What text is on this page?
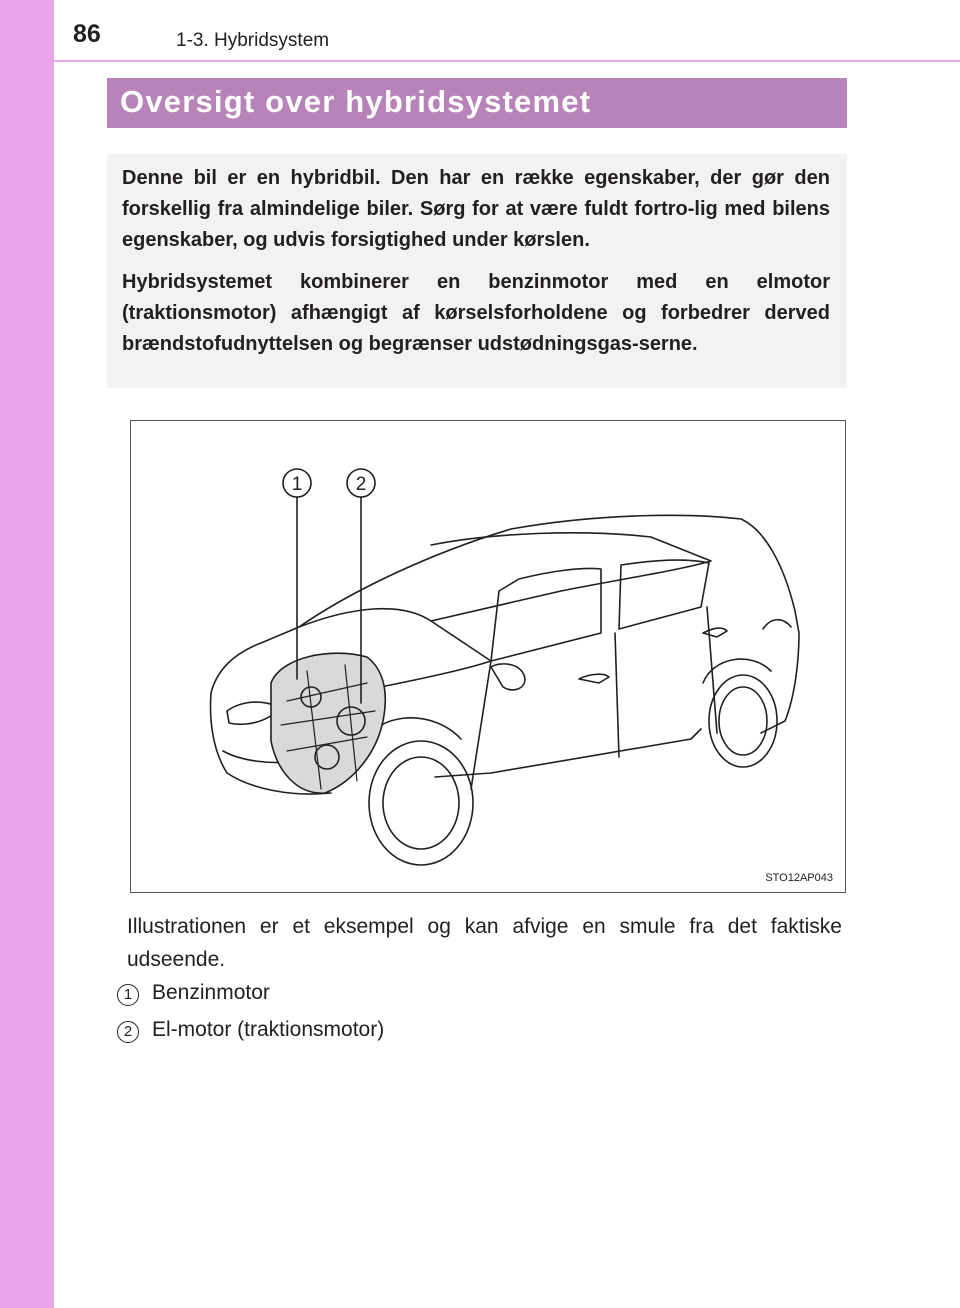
86	1-3. Hybridsystem
Oversigt over hybridsystemet

Denne bil er en hybridbil. Den har en række egenskaber, der gør den forskellig fra almindelige biler. Sørg for at være fuldt fortro-lig med bilens egenskaber, og udvis forsigtighed under kørslen.

Hybridsystemet kombinerer en benzinmotor med en elmotor (traktionsmotor) afhængigt af kørselsforholdene og forbedrer derved brændstofudnyttelsen og begrænser udstødningsgas-serne.

1	2
STO12AP043
Illustrationen er et eksempel og kan afvige en smule fra det faktiske udseende.
1 Benzinmotor
2 El-motor (traktionsmotor)
